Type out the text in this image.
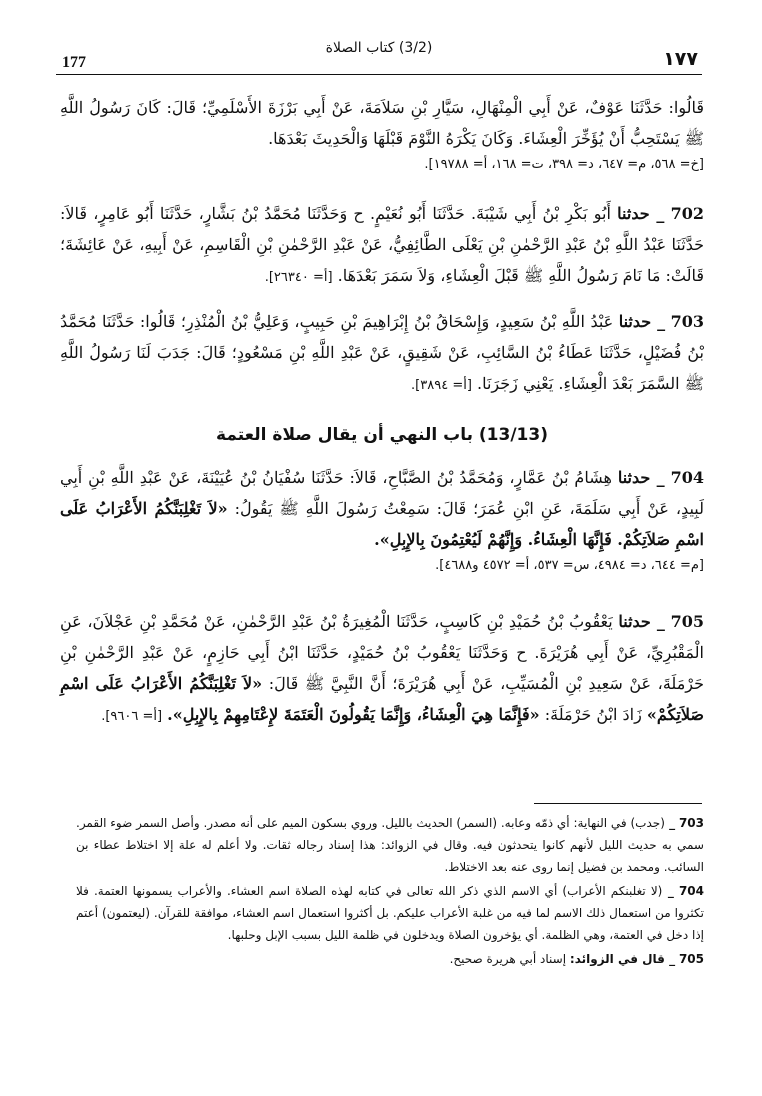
177
(3/2) كتاب الصلاة	١٧٧
قَالُوا: حَدَّثَنَا عَوْفٌ، عَنْ أَبِي الْمِنْهَالِ، سَيَّارِ بْنِ سَلاَمَةَ، عَنْ أَبِي بَرْزَةَ الأَسْلَمِيِّ؛ قَالَ: كَانَ رَسُولُ اللَّهِ ﷺ يَسْتَحِبُّ أَنْ يُؤَخِّرَ الْعِشَاءَ. وَكَانَ يَكْرَهُ النَّوْمَ قَبْلَهَا وَالْحَدِيثَ بَعْدَهَا.
[خ= ٥٦٨، م= ٦٤٧، د= ٣٩٨، ت= ١٦٨، أ= ١٩٧٨٨].
702 _ حدثنا أَبُو بَكْرِ بْنُ أَبِي شَيْبَةَ. حَدَّثَنَا أَبُو نُعَيْمٍ. ح وَحَدَّثَنَا مُحَمَّدُ بْنُ بَشَّارٍ، حَدَّثَنَا أَبُو عَامِرٍ، قَالاَ: حَدَّثَنَا عَبْدُ اللَّهِ بْنُ عَبْدِ الرَّحْمٰنِ بْنِ يَعْلَى الطَّائِفِيُّ، عَنْ عَبْدِ الرَّحْمٰنِ بْنِ الْقَاسِمِ، عَنْ أَبِيهِ، عَنْ عَائِشَةَ؛ قَالَتْ: مَا نَامَ رَسُولُ اللَّهِ ﷺ قَبْلَ الْعِشَاءِ، وَلاَ سَمَرَ بَعْدَهَا. [أ= ٢٦٣٤٠].
703 _ حدثنا عَبْدُ اللَّهِ بْنُ سَعِيدٍ، وَإِسْحَاقُ بْنُ إِبْرَاهِيمَ بْنِ حَبِيبٍ، وَعَلِيُّ بْنُ الْمُنْذِرِ؛ قَالُوا: حَدَّثَنَا مُحَمَّدُ بْنُ فُضَيْلٍ، حَدَّثَنَا عَطَاءُ بْنُ السَّائِبِ، عَنْ شَقِيقٍ، عَنْ عَبْدِ اللَّهِ بْنِ مَسْعُودٍ؛ قَالَ: جَدَبَ لَنَا رَسُولُ اللَّهِ ﷺ السَّمَرَ بَعْدَ الْعِشَاءِ. يَعْنِي زَجَرَنَا. [أ= ٣٨٩٤].
(13/13) باب النهي أن يقال صلاة العتمة
704 _ حدثنا هِشَامُ بْنُ عَمَّارٍ، وَمُحَمَّدُ بْنُ الصَّبَّاحِ، قَالاَ: حَدَّثَنَا سُفْيَانُ بْنُ عُيَيْنَةَ، عَنْ عَبْدِ اللَّهِ بْنِ أَبِي لَبِيدٍ، عَنْ أَبِي سَلَمَةَ، عَنِ ابْنِ عُمَرَ؛ قَالَ: سَمِعْتُ رَسُولَ اللَّهِ ﷺ يَقُولُ: «لاَ تَغْلِبَنَّكُمُ الأَعْرَابُ عَلَى اسْمِ صَلاَتِكُمْ. فَإِنَّهَا الْعِشَاءُ. وَإِنَّهُمْ لَيُعْتِمُونَ بِالإِبِلِ».
[م= ٦٤٤، د= ٤٩٨٤، س= ٥٣٧، أ= ٤٥٧٢ و٤٦٨٨].
705 _ حدثنا يَعْقُوبُ بْنُ حُمَيْدِ بْنِ كَاسِبٍ، حَدَّثَنَا الْمُغِيرَةُ بْنُ عَبْدِ الرَّحْمٰنِ، عَنْ مُحَمَّدِ بْنِ عَجْلاَنَ، عَنِ الْمَقْبُرِيِّ، عَنْ أَبِي هُرَيْرَةَ. ح وَحَدَّثَنَا يَعْقُوبُ بْنُ حُمَيْدٍ، حَدَّثَنَا ابْنُ أَبِي حَازِمٍ، عَنْ عَبْدِ الرَّحْمٰنِ بْنِ حَرْمَلَةَ، عَنْ سَعِيدِ بْنِ الْمُسَيِّبِ، عَنْ أَبِي هُرَيْرَةَ؛ أَنَّ النَّبِيَّ ﷺ قَالَ: «لاَ تَغْلِبَنَّكُمُ الأَعْرَابُ عَلَى اسْمِ صَلاَتِكُمْ» زَادَ ابْنُ حَرْمَلَةَ: «فَإِنَّمَا هِيَ الْعِشَاءُ، وَإِنَّمَا يَقُولُونَ الْعَتَمَةَ لإِعْتَامِهِمْ بِالإِبِلِ». [أ= ٩٦٠٦].
703 _ (جدب) في النهاية: أي ذمّه وعابه. (السمر) الحديث بالليل. وروي بسكون الميم على أنه مصدر. وأصل السمر ضوء القمر. سمي به حديث الليل لأنهم كانوا يتحدثون فيه. وقال في الزوائد: هذا إسناد رجاله ثقات. ولا أعلم له علة إلا اختلاط عطاء بن السائب. ومحمد بن فضيل إنما روى عنه بعد الاختلاط.
704 _ (لا تغلبنكم الأعراب) أي الاسم الذي ذكر الله تعالى في كتابه لهذه الصلاة اسم العشاء. والأعراب يسمونها العتمة. فلا تكثروا من استعمال ذلك الاسم لما فيه من غلبة الأعراب عليكم. بل أكثروا استعمال اسم العشاء، موافقة للقرآن. (ليعتمون) أعتم إذا دخل في العتمة، وهي الظلمة. أي يؤخرون الصلاة ويدخلون في ظلمة الليل بسبب الإبل وحلبها.
705 _ قال في الزوائد: إسناد أبي هريرة صحيح.
